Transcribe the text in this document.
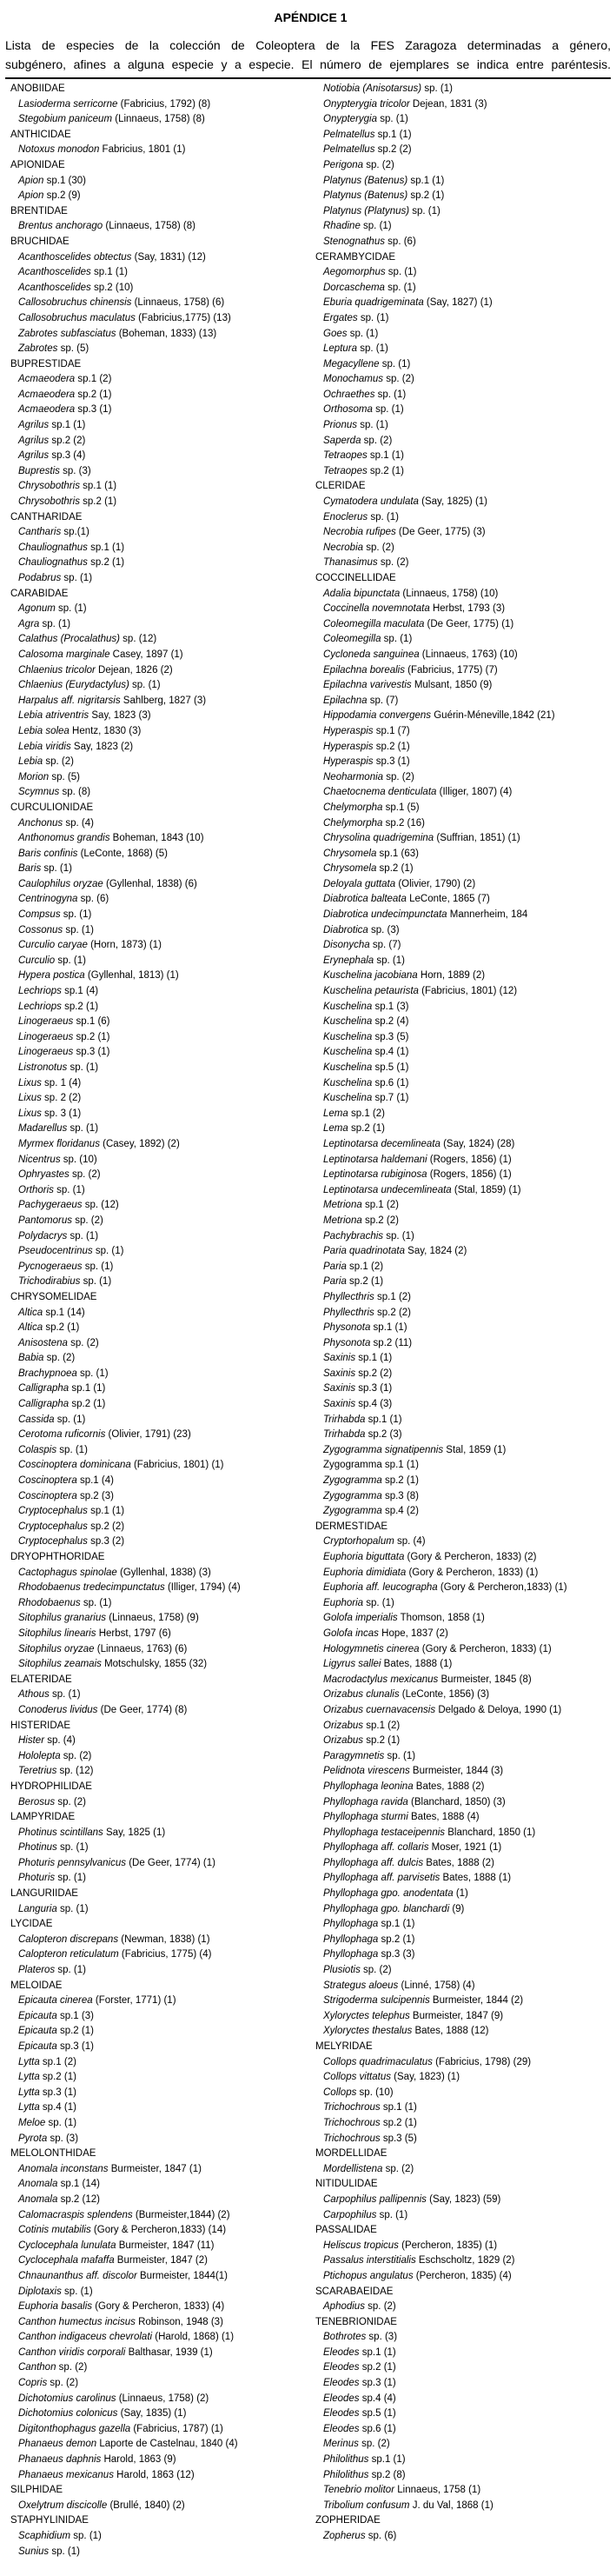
APÉNDICE 1
Lista de especies de la colección de Coleoptera de la FES Zaragoza determinadas a género,
subgénero, afines a alguna especie y a especie. El número de ejemplares se indica entre paréntesis.
ANOBIIDAE
Lasioderma serricorne (Fabricius, 1792) (8)
Stegobium paniceum (Linnaeus, 1758) (8)
ANTHICIDAE
Notoxus monodon Fabricius, 1801 (1)
APIONIDAE
Apion sp.1 (30)
Apion sp.2 (9)
BRENTIDAE
Brentus anchorago (Linnaeus, 1758) (8)
BRUCHIDAE
Acanthoscelides obtectus (Say, 1831) (12)
Acanthoscelides sp.1 (1)
Acanthoscelides sp.2 (10)
Callosobruchus chinensis (Linnaeus, 1758) (6)
Callosobruchus maculatus (Fabricius,1775) (13)
Zabrotes subfasciatus (Boheman, 1833) (13)
Zabrotes sp. (5)
BUPRESTIDAE
Acmaeodera sp.1 (2)
Acmaeodera sp.2 (1)
Acmaeodera sp.3 (1)
Agrilus sp.1 (1)
Agrilus sp.2 (2)
Agrilus sp.3 (4)
Buprestis sp. (3)
Chrysobothris sp.1 (1)
Chrysobothris sp.2 (1)
CANTHARIDAE
Cantharis sp.(1)
Chauliognathus sp.1 (1)
Chauliognathus sp.2 (1)
Podabrus sp. (1)
CARABIDAE
Agonum sp. (1)
Agra sp. (1)
Calathus (Procalathus) sp. (12)
Calosoma marginale Casey, 1897 (1)
Chlaenius tricolor Dejean, 1826 (2)
Chlaenius (Eurydactylus) sp. (1)
Harpalus aff. nigritarsis Sahlberg, 1827 (3)
Lebia atriventris Say, 1823 (3)
Lebia solea Hentz, 1830 (3)
Lebia viridis Say, 1823 (2)
Lebia sp. (2)
Morion sp. (5)
Scymnus sp. (8)
CURCULIONIDAE
Anchonus sp. (4)
Anthonomus grandis Boheman, 1843 (10)
Baris confinis (LeConte, 1868) (5)
Baris sp. (1)
Caulophilus oryzae (Gyllenhal, 1838) (6)
Centrinogyna sp. (6)
Compsus sp. (1)
Cossonus sp. (1)
Curculio caryae (Horn, 1873) (1)
Curculio sp. (1)
Hypera postica (Gyllenhal, 1813) (1)
Lechriops sp.1 (4)
Lechriops sp.2 (1)
Linogeraeus sp.1 (6)
Linogeraeus sp.2 (1)
Linogeraeus sp.3 (1)
Listronotus sp. (1)
Lixus sp. 1 (4)
Lixus sp. 2 (2)
Lixus sp. 3 (1)
Madarellus sp. (1)
Myrmex floridanus (Casey, 1892) (2)
Nicentrus sp. (10)
Ophryastes sp. (2)
Orthoris sp. (1)
Pachygeraeus sp. (12)
Pantomorus sp. (2)
Polydacrys sp. (1)
Pseudocentrinus sp. (1)
Pycnogeraeus sp. (1)
Trichodirabius sp. (1)
CHRYSOMELIDAE
Altica sp.1 (14)
Altica sp.2 (1)
Anisostena sp. (2)
Babia sp. (2)
Brachypnoea sp. (1)
Calligrapha sp.1 (1)
Calligrapha sp.2 (1)
Cassida sp. (1)
Cerotoma ruficornis (Olivier, 1791) (23)
Colaspis sp. (1)
Coscinoptera dominicana (Fabricius, 1801) (1)
Coscinoptera sp.1 (4)
Coscinoptera sp.2 (3)
Cryptocephalus sp.1 (1)
Cryptocephalus sp.2 (2)
Cryptocephalus sp.3 (2)
DRYOPHTHORIDAE
Cactophagus spinolae (Gyllenhal, 1838) (3)
Rhodobaenus tredecimpunctatus (Illiger, 1794) (4)
Rhodobaenus sp. (1)
Sitophilus granarius (Linnaeus, 1758) (9)
Sitophilus linearis Herbst, 1797 (6)
Sitophilus oryzae (Linnaeus, 1763) (6)
Sitophilus zeamais Motschulsky, 1855 (32)
ELATERIDAE
Athous sp. (1)
Conoderus lividus (De Geer, 1774) (8)
HISTERIDAE
Hister sp. (4)
Hololepta sp. (2)
Teretrius sp. (12)
HYDROPHILIDAE
Berosus sp. (2)
LAMPYRIDAE
Photinus scintillans Say, 1825 (1)
Photinus sp. (1)
Photuris pennsylvanicus (De Geer, 1774) (1)
Photuris sp. (1)
LANGURIIDAE
Languria sp. (1)
LYCIDAE
Calopteron discrepans (Newman, 1838) (1)
Calopteron reticulatum (Fabricius, 1775) (4)
Plateros sp. (1)
MELOIDAE
Epicauta cinerea (Forster, 1771) (1)
Epicauta sp.1 (3)
Epicauta sp.2 (1)
Epicauta sp.3 (1)
Lytta sp.1 (2)
Lytta sp.2 (1)
Lytta sp.3 (1)
Lytta sp.4 (1)
Meloe sp. (1)
Pyrota sp. (3)
MELOLONTHIDAE
Anomala inconstans Burmeister, 1847 (1)
Anomala sp.1 (14)
Anomala sp.2 (12)
Calomacraspis splendens (Burmeister,1844) (2)
Cotinis mutabilis (Gory & Percheron,1833) (14)
Cyclocephala lunulata Burmeister, 1847 (11)
Cyclocephala mafaffa Burmeister, 1847 (2)
Chnaunanthus aff. discolor Burmeister, 1844(1)
Diplotaxis sp. (1)
Euphoria basalis (Gory & Percheron, 1833) (4)
Canthon humectus incisus Robinson, 1948 (3)
Canthon indigaceus chevrolati (Harold, 1868) (1)
Canthon viridis corporali Balthasar, 1939 (1)
Canthon sp. (2)
Copris sp. (2)
Dichotomius carolinus (Linnaeus, 1758) (2)
Dichotomius colonicus (Say, 1835) (1)
Digitonthophagus gazella (Fabricius, 1787) (1)
Phanaeus demon Laporte de Castelnau, 1840 (4)
Phanaeus daphnis Harold, 1863 (9)
Phanaeus mexicanus Harold, 1863 (12)
SILPHIDAE
Oxelytrum discicolle (Brullé, 1840) (2)
STAPHYLINIDAE
Scaphidium sp. (1)
Sunius sp. (1)
Notiobia (Anisotarsus) sp. (1)
Onypterygia tricolor Dejean, 1831 (3)
Onypterygia sp. (1)
Pelmatellus sp.1 (1)
Pelmatellus sp.2 (2)
Perigona sp. (2)
Platynus (Batenus) sp.1 (1)
Platynus (Batenus) sp.2 (1)
Platynus (Platynus) sp. (1)
Rhadine sp. (1)
Stenognathus sp. (6)
CERAMBYCIDAE
Aegomorphus sp. (1)
Dorcaschema sp. (1)
Eburia quadrigeminata (Say, 1827) (1)
Ergates sp. (1)
Goes sp. (1)
Leptura sp. (1)
Megacyllene sp. (1)
Monochamus sp. (2)
Ochraethes sp. (1)
Orthosoma sp. (1)
Prionus sp. (1)
Saperda sp. (2)
Tetraopes sp.1 (1)
Tetraopes sp.2 (1)
CLERIDAE
Cymatodera undulata (Say, 1825) (1)
Enoclerus sp. (1)
Necrobia rufipes (De Geer, 1775) (3)
Necrobia sp. (2)
Thanasimus sp. (2)
COCCINELLIDAE
Adalia bipunctata (Linnaeus, 1758) (10)
Coccinella novemnotata Herbst, 1793 (3)
Coleomegilla maculata (De Geer, 1775) (1)
Coleomegilla sp. (1)
Cycloneda sanguinea (Linnaeus, 1763) (10)
Epilachna borealis (Fabricius, 1775) (7)
Epilachna varivestis Mulsant, 1850 (9)
Epilachna sp. (7)
Hippodamia convergens Guérin-Méneville,1842 (21)
Hyperaspis sp.1 (7)
Hyperaspis sp.2 (1)
Hyperaspis sp.3 (1)
Neoharmonia sp. (2)
Chaetocnema denticulata (Illiger, 1807) (4)
Chelymorpha sp.1 (5)
Chelymorpha sp.2 (16)
Chrysolina quadrigemina (Suffrian, 1851) (1)
Chrysomela sp.1 (63)
Chrysomela sp.2 (1)
Deloyala guttata (Olivier, 1790) (2)
Diabrotica balteata LeConte, 1865 (7)
Diabrotica undecimpunctata Mannerheim, 184
Diabrotica sp. (3)
Disonycha sp. (7)
Erynephala sp. (1)
Kuschelina jacobiana Horn, 1889 (2)
Kuschelina petaurista (Fabricius, 1801) (12)
Kuschelina sp.1 (3)
Kuschelina sp.2 (4)
Kuschelina sp.3 (5)
Kuschelina sp.4 (1)
Kuschelina sp.5 (1)
Kuschelina sp.6 (1)
Kuschelina sp.7 (1)
Lema sp.1 (2)
Lema sp.2 (1)
Leptinotarsa decemlineata (Say, 1824) (28)
Leptinotarsa haldemani (Rogers, 1856) (1)
Leptinotarsa rubiginosa (Rogers, 1856) (1)
Leptinotarsa undecemlineata (Stal, 1859) (1)
Metriona sp.1 (2)
Metriona sp.2 (2)
Pachybrachis sp. (1)
Paria quadrinotata Say, 1824 (2)
Paria sp.1 (2)
Paria sp.2 (1)
Phyllecthris sp.1 (2)
Phyllecthris sp.2 (2)
Physonota sp.1 (1)
Physonota sp.2 (11)
Saxinis sp.1 (1)
Saxinis sp.2 (2)
Saxinis sp.3 (1)
Saxinis sp.4 (3)
Trirhabda sp.1 (1)
Trirhabda sp.2 (3)
Zygogramma signatipennis Stal, 1859 (1)
Zygogramma sp.1 (1)
Zygogramma sp.2 (1)
Zygogramma sp.3 (8)
Zygogramma sp.4 (2)
DERMESTIDAE
Cryptorhopalum sp. (4)
Euphoria biguttata (Gory & Percheron, 1833) (2)
Euphoria dimidiata (Gory & Percheron, 1833) (1)
Euphoria aff. leucographa (Gory & Percheron,1833) (1)
Euphoria sp. (1)
Golofa imperialis Thomson, 1858 (1)
Golofa incas Hope, 1837 (2)
Hologymnetis cinerea (Gory & Percheron, 1833) (1)
Ligyrus sallei Bates, 1888 (1)
Macrodactylus mexicanus Burmeister, 1845 (8)
Orizabus clunalis (LeConte, 1856) (3)
Orizabus cuernavacensis Delgado & Deloya, 1990 (1)
Orizabus sp.1 (2)
Orizabus sp.2 (1)
Paragymnetis sp. (1)
Pelidnota virescens Burmeister, 1844 (3)
Phyllophaga leonina Bates, 1888 (2)
Phyllophaga ravida (Blanchard, 1850) (3)
Phyllophaga sturmi Bates, 1888 (4)
Phyllophaga testaceipennis Blanchard, 1850 (1)
Phyllophaga aff. collaris Moser, 1921 (1)
Phyllophaga aff. dulcis Bates, 1888 (2)
Phyllophaga aff. parvisetis Bates, 1888 (1)
Phyllophaga gpo. anodentata (1)
Phyllophaga gpo. blanchardi (9)
Phyllophaga sp.1 (1)
Phyllophaga sp.2 (1)
Phyllophaga sp.3 (3)
Plusiotis sp. (2)
Strategus aloeus (Linné, 1758) (4)
Strigoderma sulcipennis Burmeister, 1844 (2)
Xyloryctes telephus Burmeister, 1847 (9)
Xyloryctes thestalus Bates, 1888 (12)
MELYRIDAE
Collops quadrimaculatus (Fabricius, 1798) (29)
Collops vittatus (Say, 1823) (1)
Collops sp. (10)
Trichochrous sp.1 (1)
Trichochrous sp.2 (1)
Trichochrous sp.3 (5)
MORDELLIDAE
Mordellistena sp. (2)
NITIDULIDAE
Carpophilus pallipennis (Say, 1823) (59)
Carpophilus sp. (1)
PASSALIDAE
Heliscus tropicus (Percheron, 1835) (1)
Passalus interstitialis Eschscholtz, 1829 (2)
Ptichopus angulatus (Percheron, 1835) (4)
SCARABAEIDAE
Aphodius sp. (2)
TENEBRIONIDAE
Bothrotes sp. (3)
Eleodes sp.1 (1)
Eleodes sp.2 (1)
Eleodes sp.3 (1)
Eleodes sp.4 (4)
Eleodes sp.5 (1)
Eleodes sp.6 (1)
Merinus sp. (2)
Philolithus sp.1 (1)
Philolithus sp.2 (8)
Tenebrio molitor Linnaeus, 1758 (1)
Tribolium confusum J. du Val, 1868 (1)
ZOPHERIDAE
Zopherus sp. (6)
